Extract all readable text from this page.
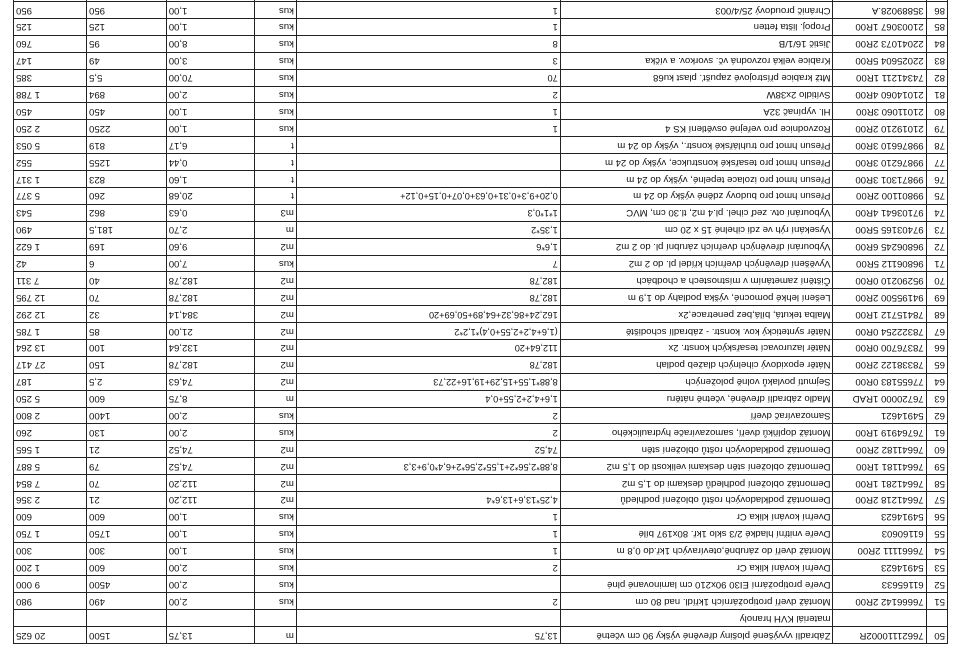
50	76621110002R	Zábradlí vyvýšené plošiny dřevěné výšky 90 cm včetně	13,75	m	13,75	1500	20 625
		materiál KVH hranoly					
51	76666142 2R00	Montáž dveří protipožárních 1křídl. nad 80 cm	2	kus	2,00	490	980
52	61165633	Dveře protipožární EI30 90x210 cm laminované plné		kus	2,00	4500	9 000
53	54914623	Dveřní kování klika Cr	2	kus	2,00	600	1 200
54	76661111 2R00	Montáž dveří do zárubně,otevíravých 1kř.do 0,8 m	1	kus	1,00	300	300
55	61160603	Dveře vnitřní hladké 2/3 sklo 1kř. 80x197 bílé	1	kus	1,00	1750	1 750
56	54914623	Dveřní kování klika Cr	1	kus	1,00	600	600
57	76641218 2R00	Demontáž podkladových roštů obložení podhledů	4,25*13,6+13,6*4	m2	112,20	21	2 356
58	76641281 1R00	Demontáž obložení podhledů deskami do 1,5 m2		m2	112,20	70	7 854
59	76641181 1R00	Demontáž obložení stěn deskami velikosti do 1,5 m2	8,88*2,56*2+1,55*2,56*2+6,4*0,9+3,3	m2	74,52	79	5 887
60	76641182 2R00	Demontáž podkladových roštů obložení stěn	74,52	m2	74,52	21	1 565
61	76764919 1R00	Montáž doplňků dveří, samozavírače hydraulického	2	kus	2,00	130	260
62	54914621	Samozavírač dveří	2	kus	2,00	1400	2 800
63	76720000 1RAD	Madlo zábradlí dřevěné, včetně nátěru	1,6+4,2+2,55+0,4	m	8,75	600	5 250
64	77655183 0R00	Sejmutí povlaků volně položených	8,88*1,55+15,29+19,16+22,73	m2	74,63	2,5	187
65	78338122 2R00	Nátěr epoxidový cihelných dlažeb podlah	182,78	m2	182,78	150	27 417
66	78376700 0R00	Nátěr lazurovací tesařských konstr. 2x	112,64+20	m2	132,64	100	13 264
67	78322254 0R00	Nátěr syntetický kov. konstr. - zábradlí schodiště	(1,6+4,2+2,55+0,4)*1,2*2	m2	21,00	85	1 785
68	78415712 1R00	Malba tekutá, bílá,bez penetrace,2x	162,24+86,32+64,89+50,69+20	m2	384,14	32	12 292
69	94195500 2R00	Lešení lehké pomocné, výška podlahy do 1,9 m	182,78	m2	182,78	70	12 795
70	95290210 0R00	Čištění zametáním v místnostech a chodbách	182,78	m2	182,78	40	7 311
71	96806112 5R00	Vyvěšení dřevěných dveřních křídel pl. do 2 m2	7	kus	7,00	6	42
72	96806245 6R00	Vybourání dřevěných dveřních zárubní pl. do 2 m2	1,6*6	m2	9,60	169	1 622
73	97403165 5R00	Vysekání rýh ve zdi cihelné 15 x 20 cm	1,35*2	m	2,70	181,5	490
74	97103641 4R00	Vybourání otv. zeď cihel. pl.4 m2, tl.30 cm, MVC	1*1*0,3	m3	0,63	862	543
75	99801100 2R00	Přesun hmot pro budovy zděné výšky do 24 m	0,20+9,3+0,31+0,63+0,07+0,15+0,12+	t	20,68	260	5 377
76	99871301 3R00	Přesun hmot pro izolace tepelné, výšky do 24 m		t	1,60	823	1 317
77	99876210 3R00	Přesun hmot pro tesařské konstrukce, výšky do 24 m		t	0,44	1255	552
78	99876610 3R00	Přesun hmot pro truhlářské konstr., výšky do 24 m		t	6,17	819	5 053
79	21019210 2R00	Rozvodnice pro veřejné osvětlení KS 4	1	kus	1,00	2250	2 250
80	21011060 3R00	Hl. vypínač 32A	1	kus	1,00	450	450
81	21014060 4R00	Svítidlo 2x38W	2	kus	2,00	894	1 788
82	74341211 1R00	Mtž krabice přístrojové zapušť. plast ku68	70	kus	70,00	5,5	385
83	22025604 5R00	Krabice velká rozvodná vč. svorkov. a víčka	3	kus	3,00	49	147
84	22041073 2R00	Jistič 16/1/B	8	kus	8,00	95	760
85	21003067 1R00	Propoj. lišta fetten	1	kus	1,00	125	125
86	35889028.A	Chránič proudový 25/4/003	1	kus	1,00	950	950
